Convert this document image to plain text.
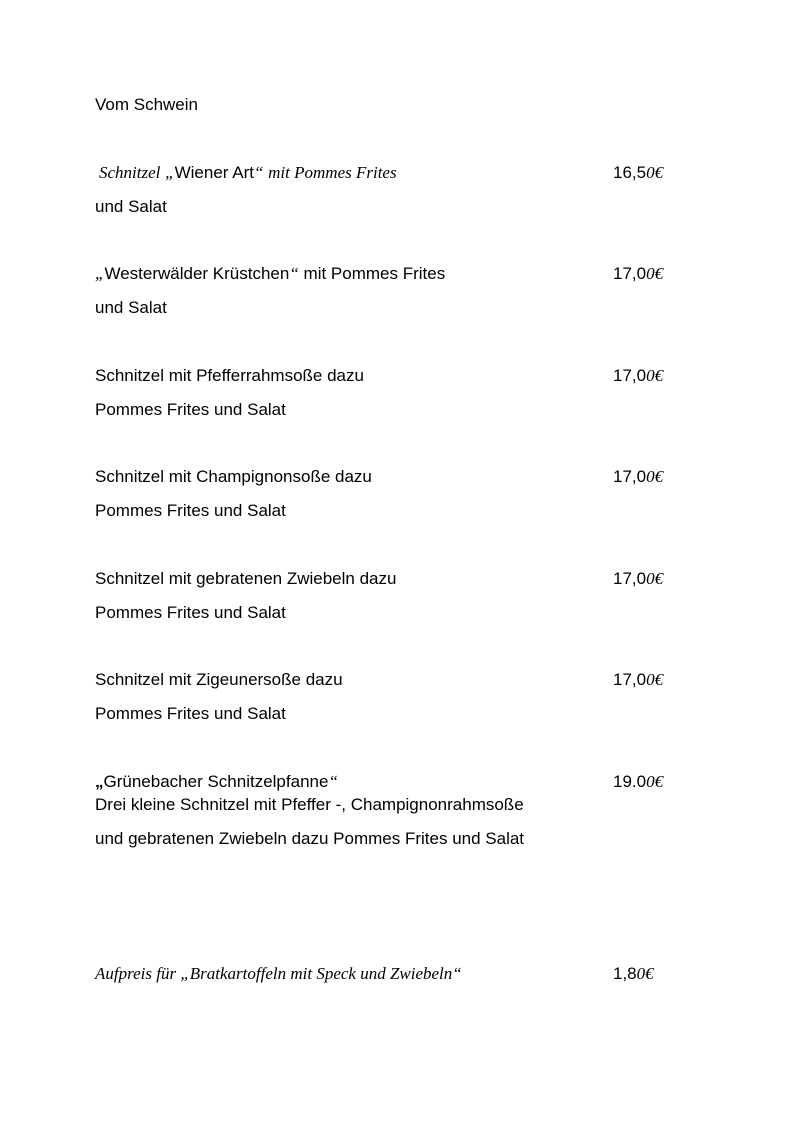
Vom Schwein
Schnitzel „Wiener Art“ mit Pommes Frites
und Salat
16,50€
„Westerwälder Krüstchen“ mit Pommes Frites
und Salat
17,00€
Schnitzel mit Pfefferrahmsoße dazu
Pommes Frites und Salat
17,00€
Schnitzel mit Champignonsoße dazu
Pommes Frites und Salat
17,00€
Schnitzel mit gebratenen Zwiebeln dazu
Pommes Frites und Salat
17,00€
Schnitzel mit Zigeunersoße dazu
Pommes Frites und Salat
17,00€
„Grünebacher Schnitzelpfanne“
Drei kleine Schnitzel mit Pfeffer -, Champignonrahmsoße
und gebratenen Zwiebeln dazu Pommes Frites und Salat
19.00€
Aufpreis für „Bratkartoffeln mit Speck und Zwiebeln“	1,80€
